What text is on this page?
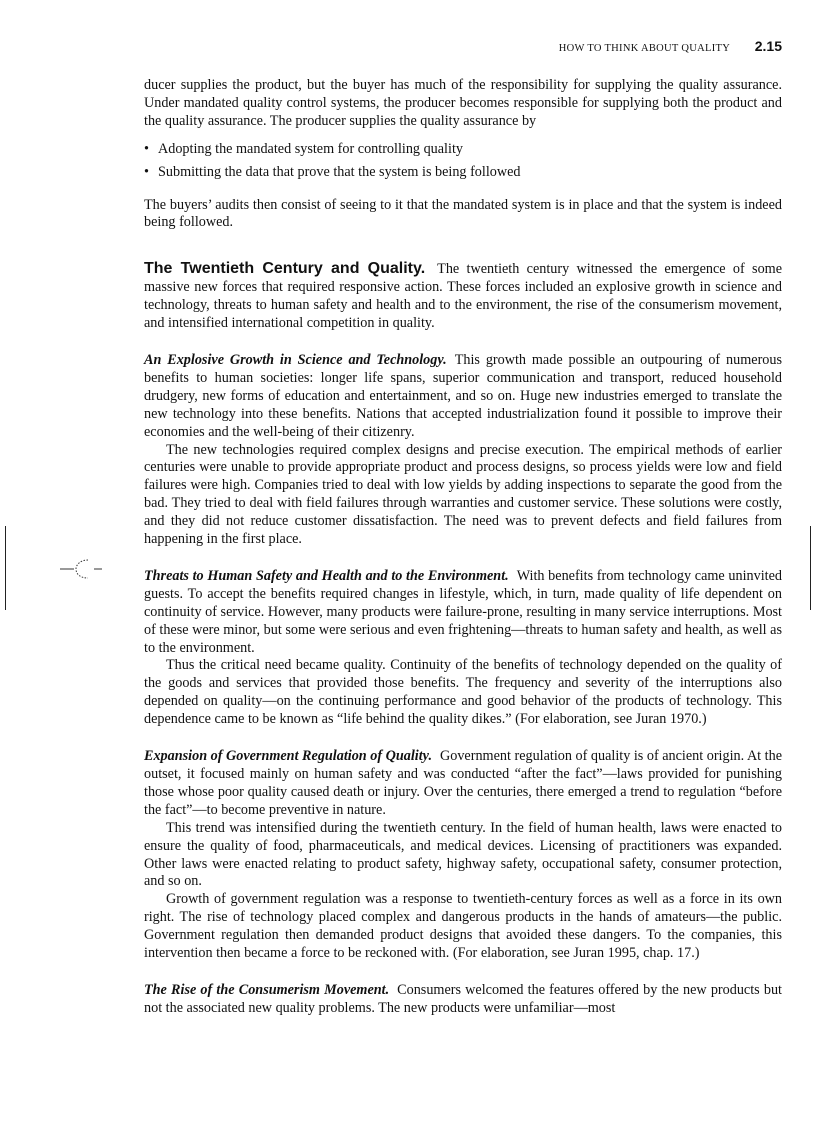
HOW TO THINK ABOUT QUALITY 2.15

ducer supplies the product, but the buyer has much of the responsibility for supplying the quality assurance. Under mandated quality control systems, the producer becomes responsible for supplying both the product and the quality assurance. The producer supplies the quality assurance by

• Adopting the mandated system for controlling quality
• Submitting the data that prove that the system is being followed

The buyers’ audits then consist of seeing to it that the mandated system is in place and that the system is indeed being followed.

The Twentieth Century and Quality. The twentieth century witnessed the emergence of some massive new forces that required responsive action. These forces included an explosive growth in science and technology, threats to human safety and health and to the environment, the rise of the consumerism movement, and intensified international competition in quality.

An Explosive Growth in Science and Technology. This growth made possible an outpouring of numerous benefits to human societies: longer life spans, superior communication and transport, reduced household drudgery, new forms of education and entertainment, and so on. Huge new industries emerged to translate the new technology into these benefits. Nations that accepted industrialization found it possible to improve their economies and the well-being of their citizenry.

The new technologies required complex designs and precise execution. The empirical methods of earlier centuries were unable to provide appropriate product and process designs, so process yields were low and field failures were high. Companies tried to deal with low yields by adding inspections to separate the good from the bad. They tried to deal with field failures through warranties and customer service. These solutions were costly, and they did not reduce customer dissatisfaction. The need was to prevent defects and field failures from happening in the first place.

Threats to Human Safety and Health and to the Environment. With benefits from technology came uninvited guests. To accept the benefits required changes in lifestyle, which, in turn, made quality of life dependent on continuity of service. However, many products were failure-prone, resulting in many service interruptions. Most of these were minor, but some were serious and even frightening—threats to human safety and health, as well as to the environment.

Thus the critical need became quality. Continuity of the benefits of technology depended on the quality of the goods and services that provided those benefits. The frequency and severity of the interruptions also depended on quality—on the continuing performance and good behavior of the products of technology. This dependence came to be known as “life behind the quality dikes.” (For elaboration, see Juran 1970.)

Expansion of Government Regulation of Quality. Government regulation of quality is of ancient origin. At the outset, it focused mainly on human safety and was conducted “after the fact”—laws provided for punishing those whose poor quality caused death or injury. Over the centuries, there emerged a trend to regulation “before the fact”—to become preventive in nature.

This trend was intensified during the twentieth century. In the field of human health, laws were enacted to ensure the quality of food, pharmaceuticals, and medical devices. Licensing of practitioners was expanded. Other laws were enacted relating to product safety, highway safety, occupational safety, consumer protection, and so on.

Growth of government regulation was a response to twentieth-century forces as well as a force in its own right. The rise of technology placed complex and dangerous products in the hands of amateurs—the public. Government regulation then demanded product designs that avoided these dangers. To the companies, this intervention then became a force to be reckoned with. (For elaboration, see Juran 1995, chap. 17.)

The Rise of the Consumerism Movement. Consumers welcomed the features offered by the new products but not the associated new quality problems. The new products were unfamiliar—most
